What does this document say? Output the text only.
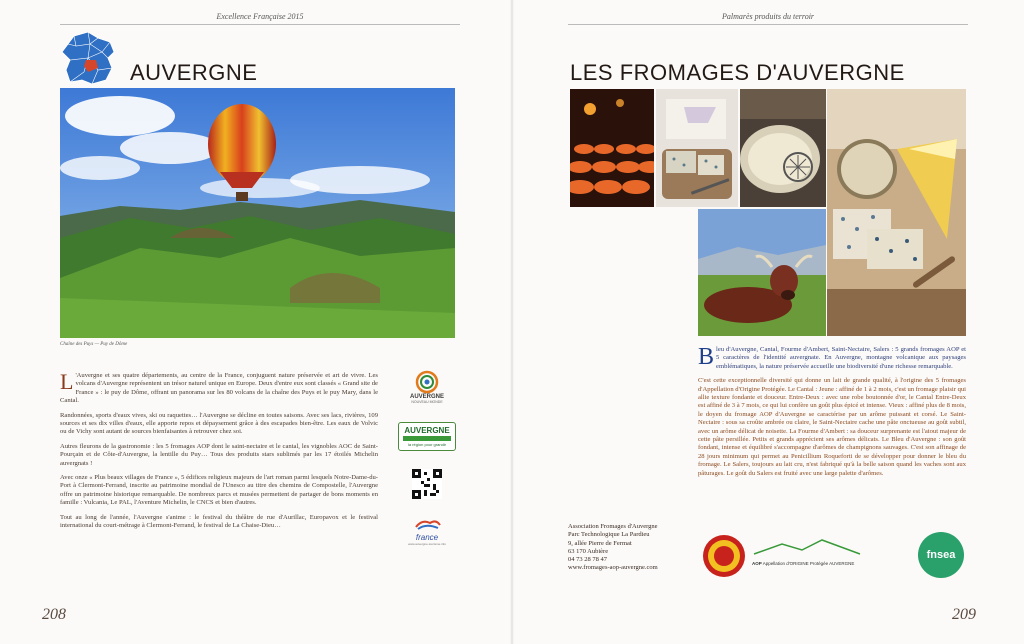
Excellence Française 2015
AUVERGNE
Chaîne des Puys — Puy de Dôme

L 'Auvergne et ses quatre départements, au centre de la France, conjuguent nature préservée et art de vivre. Les volcans d'Auvergne représentent un trésor naturel unique en Europe. Deux d'entre eux sont classés « Grand site de France » : le puy de Dôme, offrant un panorama sur les 80 volcans de la chaîne des Puys et le puy Mary, dans le Cantal.

Randonnées, sports d'eaux vives, ski ou raquettes… l'Auvergne se décline en toutes saisons. Avec ses lacs, rivières, 109 sources et ses dix villes d'eaux, elle apporte repos et dépaysement grâce à des escapades bien-être. Les eaux de Volvic ou de Vichy sont autant de sources bienfaisantes à retrouver chez soi.

Autres fleurons de la gastronomie : les 5 fromages AOP dont le saint-nectaire et le cantal, les vignobles AOC de Saint-Pourçain et de Côte-d'Auvergne, la lentille du Puy… Tous des produits stars sublimés par les 17 étoilés Michelin auvergnats !

Avec onze « Plus beaux villages de France », 5 édifices religieux majeurs de l'art roman parmi lesquels Notre-Dame-du-Port à Clermont-Ferrand, inscrite au patrimoine mondial de l'Unesco au titre des chemins de Compostelle, l'Auvergne offre un patrimoine historique remarquable. De nombreux parcs et musées permettent de partager de bons moments en famille : Vulcania, Le PAL, l'Aventure Michelin, le CNCS et bien d'autres.

Tout au long de l'année, l'Auvergne s'anime : le festival du théâtre de rue d'Aurillac, Europavox et le festival international du court-métrage à Clermont-Ferrand, le festival de La Chaise-Dieu…

AUVERGNE
NOUVEAU MONDE
AUVERGNE
la région pour grandir
france
www.auvergne-tourisme.info
208
Palmarès produits du terroir
LES FROMAGES D'AUVERGNE

Bleu d'Auvergne, Cantal, Fourme d'Ambert, Saint-Nectaire, Salers : 5 grands fromages AOP et 5 caractères de l'identité auvergnate. En Auvergne, montagne volcanique aux paysages emblématiques, la nature préservée accueille une biodiversité d'une richesse remarquable.

C'est cette exceptionnelle diversité qui donne un lait de grande qualité, à l'origine des 5 fromages d'Appellation d'Origine Protégée. Le Cantal : Jeune : affiné de 1 à 2 mois, c'est un fromage plaisir qui allie texture fondante et douceur. Entre-Deux : avec une robe boutonnée d'or, le Cantal Entre-Deux est affiné de 3 à 7 mois, ce qui lui confère un goût plus épicé et intense. Vieux : affiné plus de 8 mois, le doyen du fromage AOP d'Auvergne se caractérise par un arôme puissant et corsé. Le Saint-Nectaire : sous sa croûte ambrée ou claire, le Saint-Nectaire cache une pâte onctueuse au goût subtil, avec un arôme délicat de noisette. La Fourme d'Ambert : sa douceur surprenante est l'atout majeur de cette pâte persillée. Petits et grands apprécient ses arômes délicats. Le Bleu d'Auvergne : son goût fondant, intense et équilibré s'accompagne d'arômes de champignons sauvages. C'est son affinage de 28 jours minimum qui permet au Penicillium Roqueforti de se développer pour donner le bleu du fromage. Le Salers, toujours au lait cru, n'est fabriqué qu'à la belle saison quand les vaches sont aux pâturages. Le goût du Salers est fruité avec une large palette d'arômes.

Association Fromages d'Auvergne
Parc Technologique La Pardieu
9, allée Pierre de Fermat
63 170 Aubière
04 73 28 78 47
www.fromages-aop-auvergne.com
AOP Appellation d'ORIGINE Protégée AUVERGNE
fnsea
209
